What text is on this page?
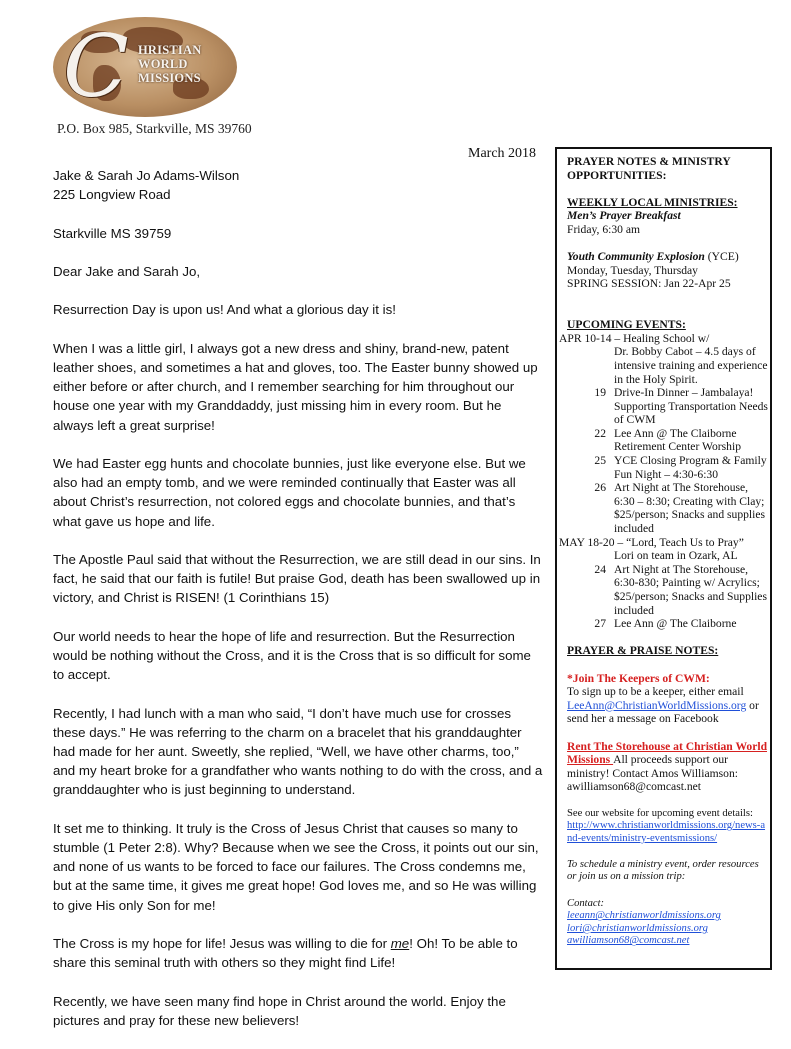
C HRISTIAN
WORLD
MISSIONS
P.O. Box 985, Starkville, MS 39760
March 2018

Jake & Sarah Jo Adams-Wilson

225 Longview Road

Starkville MS 39759

Dear Jake and Sarah Jo,

Resurrection Day is upon us! And what a glorious day it is!

When I was a little girl, I always got a new dress and shiny, brand-new, patent leather shoes, and sometimes a hat and gloves, too. The Easter bunny showed up either before or after church, and I remember searching for him throughout our house one year with my Granddaddy, just missing him in every room. But he always left a great surprise!

We had Easter egg hunts and chocolate bunnies, just like everyone else. But we also had an empty tomb, and we were reminded continually that Easter was all about Christ’s resurrection, not colored eggs and chocolate bunnies, and that’s what gave us hope and life.

The Apostle Paul said that without the Resurrection, we are still dead in our sins. In fact, he said that our faith is futile! But praise God, death has been swallowed up in victory, and Christ is RISEN! (1 Corinthians 15)

Our world needs to hear the hope of life and resurrection. But the Resurrection would be nothing without the Cross, and it is the Cross that is so difficult for some to accept.

Recently, I had lunch with a man who said, “I don’t have much use for crosses these days.” He was referring to the charm on a bracelet that his granddaughter had made for her aunt. Sweetly, she replied, “Well, we have other charms, too,” and my heart broke for a grandfather who wants nothing to do with the cross, and a granddaughter who is just beginning to understand.

It set me to thinking. It truly is the Cross of Jesus Christ that causes so many to stumble (1 Peter 2:8). Why? Because when we see the Cross, it points out our sin, and none of us wants to be forced to face our failures. The Cross condemns me, but at the same time, it gives me great hope! God loves me, and so He was willing to give His only Son for me!

The Cross is my hope for life! Jesus was willing to die for me! Oh! To be able to share this seminal truth with others so they might find Life!

Recently, we have seen many find hope in Christ around the world. Enjoy the pictures and pray for these new believers!

PRAYER NOTES & MINISTRY OPPORTUNITIES:
WEEKLY LOCAL MINISTRIES:
Men’s Prayer Breakfast
Friday, 6:30 am
Youth Community Explosion (YCE)
Monday, Tuesday, Thursday
SPRING SESSION: Jan 22-Apr 25
UPCOMING EVENTS:
APR 10-14 – Healing School w/
Dr. Bobby Cabot – 4.5 days of intensive training and experience in the Holy Spirit.
19 Drive-In Dinner – Jambalaya! Supporting Transportation Needs of CWM
22 Lee Ann @ The Claiborne Retirement Center Worship
25 YCE Closing Program & Family Fun Night – 4:30-6:30
26 Art Night at The Storehouse, 6:30 – 8:30; Creating with Clay; $25/person; Snacks and supplies included
MAY 18-20 – “Lord, Teach Us to Pray”
Lori on team in Ozark, AL
24 Art Night at The Storehouse, 6:30-830; Painting w/ Acrylics; $25/person; Snacks and Supplies included
27 Lee Ann @ The Claiborne
PRAYER & PRAISE NOTES:
*Join The Keepers of CWM:
To sign up to be a keeper, either email LeeAnn@ChristianWorldMissions.org or send her a message on Facebook
Rent The Storehouse at Christian World Missions All proceeds support our ministry! Contact Amos Williamson: awilliamson68@comcast.net
See our website for upcoming event details:
http://www.christianworldmissions.org/news-and-events/ministry-eventsmissions/
To schedule a ministry event, order resources or join us on a mission trip:
Contact:
leeann@christianworldmissions.org
lori@christianworldmissions.org
awilliamson68@comcast.net
